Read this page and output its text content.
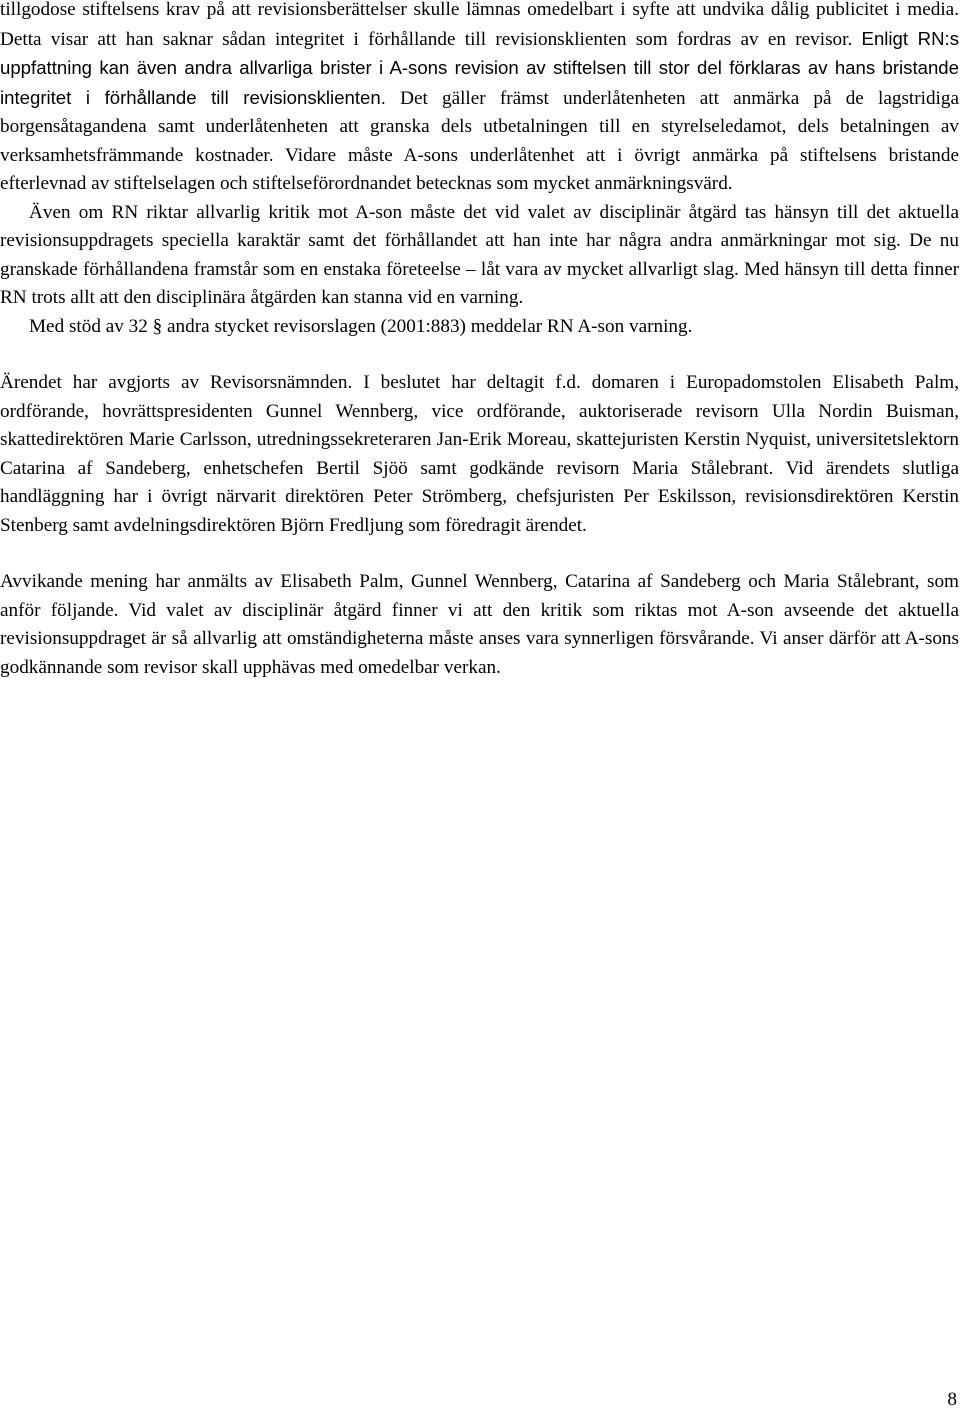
tillgodose stiftelsens krav på att revisionsberättelser skulle lämnas omedelbart i syfte att undvika dålig publicitet i media. Detta visar att han saknar sådan integritet i förhållande till revisionsklienten som fordras av en revisor. Enligt RN:s uppfattning kan även andra allvarliga brister i A-sons revision av stiftelsen till stor del förklaras av hans bristande integritet i förhållande till revisionsklienten. Det gäller främst underlåtenheten att anmärka på de lagstridiga borgensåtagandena samt underlåtenheten att granska dels utbetalningen till en styrelseledamot, dels betalningen av verksamhetsfrämmande kostnader. Vidare måste A-sons underlåtenhet att i övrigt anmärka på stiftelsens bristande efterlevnad av stiftelselagen och stiftelseförordnandet betecknas som mycket anmärkningsvärd.

Även om RN riktar allvarlig kritik mot A-son måste det vid valet av disciplinär åtgärd tas hänsyn till det aktuella revisionsuppdragets speciella karaktär samt det förhållandet att han inte har några andra anmärkningar mot sig. De nu granskade förhållandena framstår som en enstaka företeelse – låt vara av mycket allvarligt slag. Med hänsyn till detta finner RN trots allt att den disciplinära åtgärden kan stanna vid en varning.

Med stöd av 32 § andra stycket revisorslagen (2001:883) meddelar RN A-son varning.

Ärendet har avgjorts av Revisorsnämnden. I beslutet har deltagit f.d. domaren i Europadomstolen Elisabeth Palm, ordförande, hovrättspresidenten Gunnel Wennberg, vice ordförande, auktoriserade revisorn Ulla Nordin Buisman, skattedirektören Marie Carlsson, utredningssekreteraren Jan-Erik Moreau, skattejuristen Kerstin Nyquist, universitetslektorn Catarina af Sandeberg, enhetschefen Bertil Sjöö samt godkände revisorn Maria Stålebrant. Vid ärendets slutliga handläggning har i övrigt närvarit direktören Peter Strömberg, chefsjuristen Per Eskilsson, revisionsdirektören Kerstin Stenberg samt avdelningsdirektören Björn Fredljung som föredragit ärendet.

Avvikande mening har anmälts av Elisabeth Palm, Gunnel Wennberg, Catarina af Sandeberg och Maria Stålebrant, som anför följande. Vid valet av disciplinär åtgärd finner vi att den kritik som riktas mot A-son avseende det aktuella revisionsuppdraget är så allvarlig att omständigheterna måste anses vara synnerligen försvårande. Vi anser därför att A-sons godkännande som revisor skall upphävas med omedelbar verkan.

8
